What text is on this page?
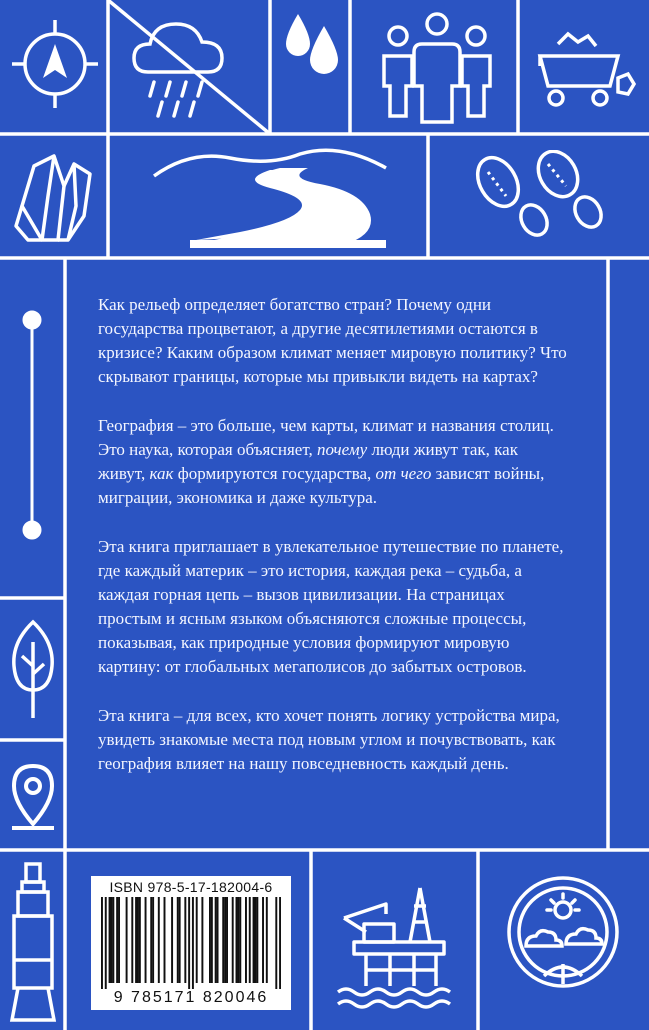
ISBN 978-5-17-182004-6
9 785171 820046

Как рельеф определяет богатство стран? Почему одни государства процветают, а другие десятилетиями остаются в кризисе? Каким образом климат меняет мировую политику? Что скрывают границы, которые мы привыкли видеть на картах?

География – это больше, чем карты, климат и названия столиц. Это наука, которая объясняет, почему люди живут так, как живут, как формируются государства, от чего зависят войны, миграции, экономика и даже культура.

Эта книга приглашает в увлекательное путешествие по планете, где каждый материк – это история, каждая река – судьба, а каждая горная цепь – вызов цивилизации. На страницах простым и ясным языком объясняются сложные процессы, показывая, как природные условия формируют мировую картину: от глобальных мегаполисов до забытых островов.

Эта книга – для всех, кто хочет понять логику устройства мира, увидеть знакомые места под новым углом и почувствовать, как география влияет на нашу повседневность каждый день.
